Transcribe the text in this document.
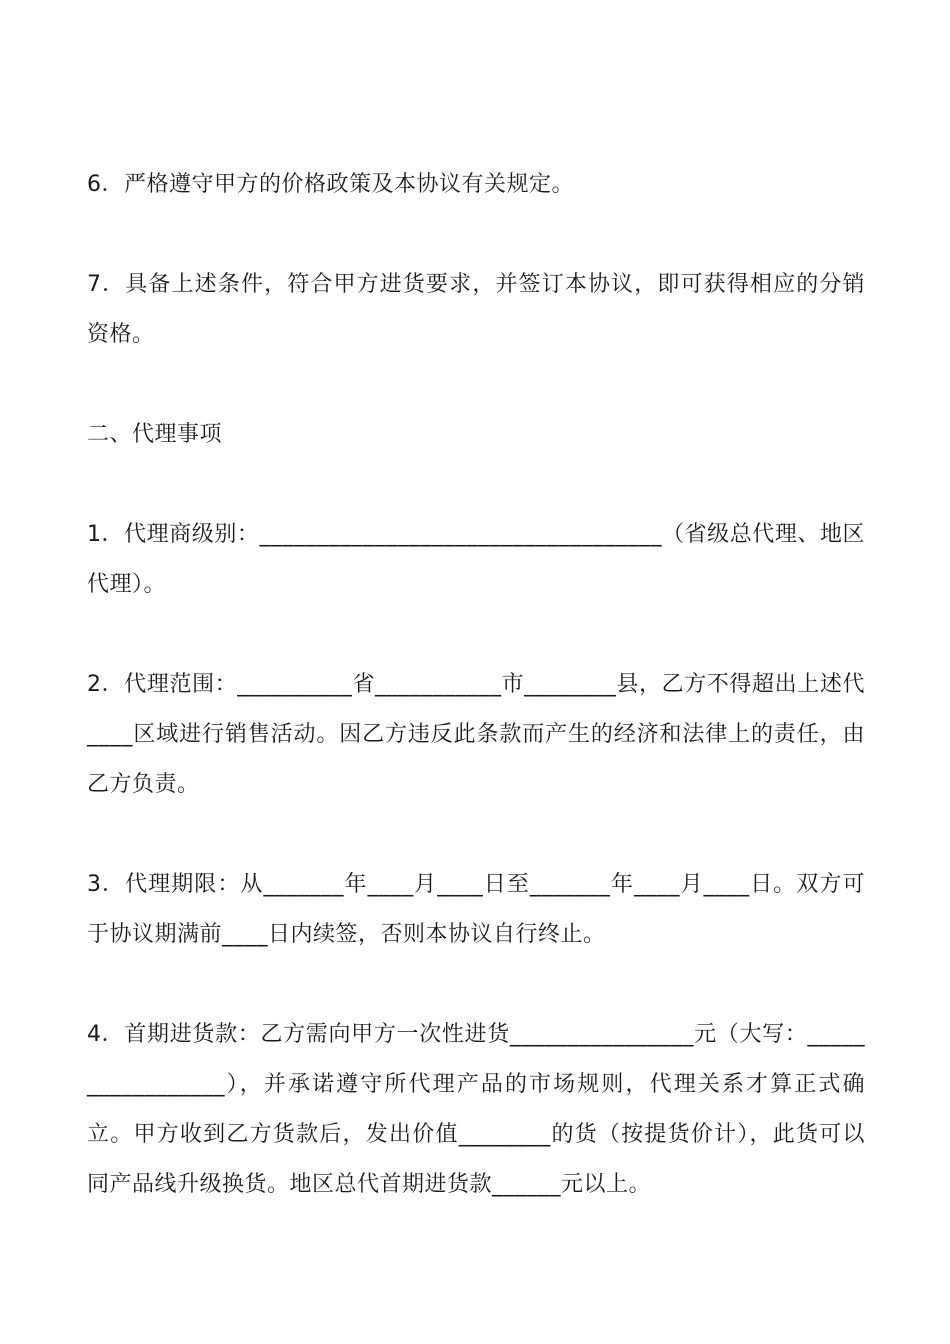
6．严格遵守甲方的价格政策及本协议有关规定。

7．具备上述条件，符合甲方进货要求，并签订本协议，即可获得相应的分销资格。

二、代理事项

1．代理商级别：___________________________________（省级总代理、地区代理）。

2．代理范围：__________省___________市________县，乙方不得超出上述代____区域进行销售活动。因乙方违反此条款而产生的经济和法律上的责任，由乙方负责。

3．代理期限：从_______年____月____日至_______年____月____日。双方可于协议期满前____日内续签，否则本协议自行终止。

4．首期进货款：乙方需向甲方一次性进货________________元（大写：_________________），并承诺遵守所代理产品的市场规则，代理关系才算正式确立。甲方收到乙方货款后，发出价值________的货（按提货价计），此货可以同产品线升级换货。地区总代首期进货款______元以上。
